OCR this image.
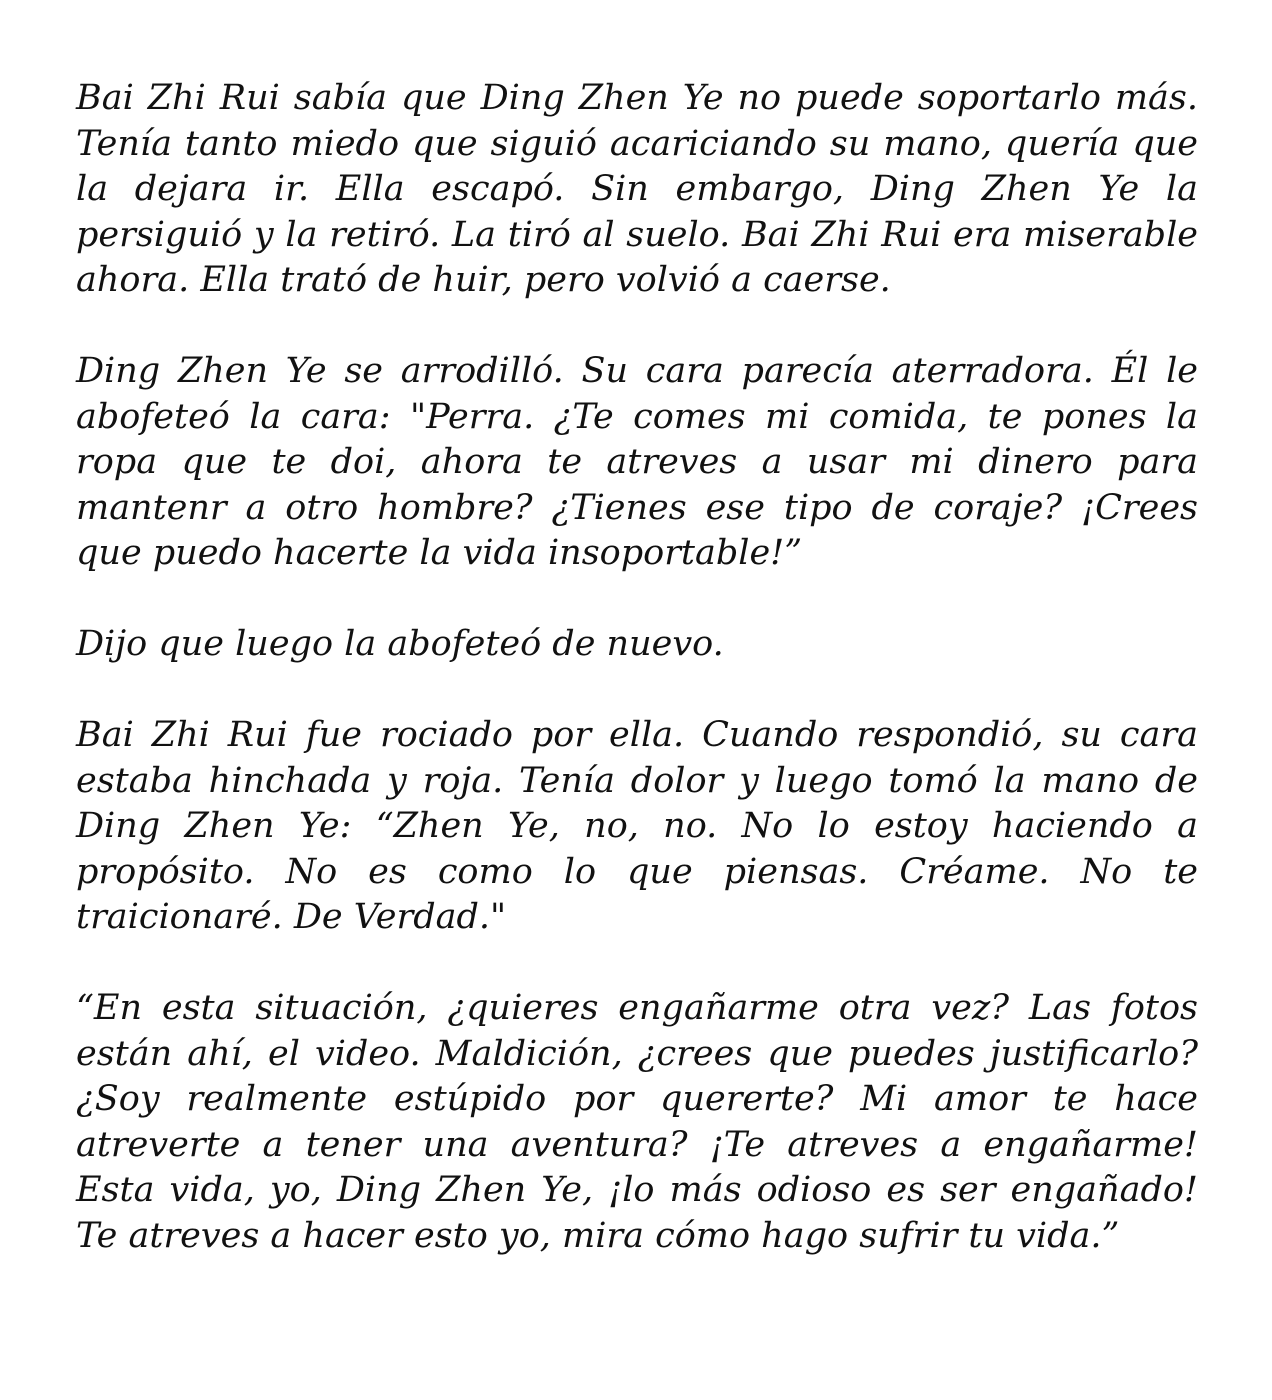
Bai Zhi Rui sabía que Ding Zhen Ye no puede soportarlo más. Tenía tanto miedo que siguió acariciando su mano, quería que la dejara ir. Ella escapó. Sin embargo, Ding Zhen Ye la persiguió y la retiró. La tiró al suelo. Bai Zhi Rui era miserable ahora. Ella trató de huir, pero volvió a caerse.

Ding Zhen Ye se arrodilló. Su cara parecía aterradora. Él le abofeteó la cara: "Perra. ¿Te comes mi comida, te pones la ropa que te doi, ahora te atreves a usar mi dinero para mantenr a otro hombre? ¿Tienes ese tipo de coraje? ¡Crees que puedo hacerte la vida insoportable!”

Dijo que luego la abofeteó de nuevo.

Bai Zhi Rui fue rociado por ella. Cuando respondió, su cara estaba hinchada y roja. Tenía dolor y luego tomó la mano de Ding Zhen Ye: “Zhen Ye, no, no. No lo estoy haciendo a propósito. No es como lo que piensas. Créame. No te traicionaré. De Verdad."

“En esta situación, ¿quieres engañarme otra vez? Las fotos están ahí, el video. Maldición, ¿crees que puedes justificarlo? ¿Soy realmente estúpido por quererte? Mi amor te hace atreverte a tener una aventura? ¡Te atreves a engañarme! Esta vida, yo, Ding Zhen Ye, ¡lo más odioso es ser engañado! Te atreves a hacer esto yo, mira cómo hago sufrir tu vida.”
